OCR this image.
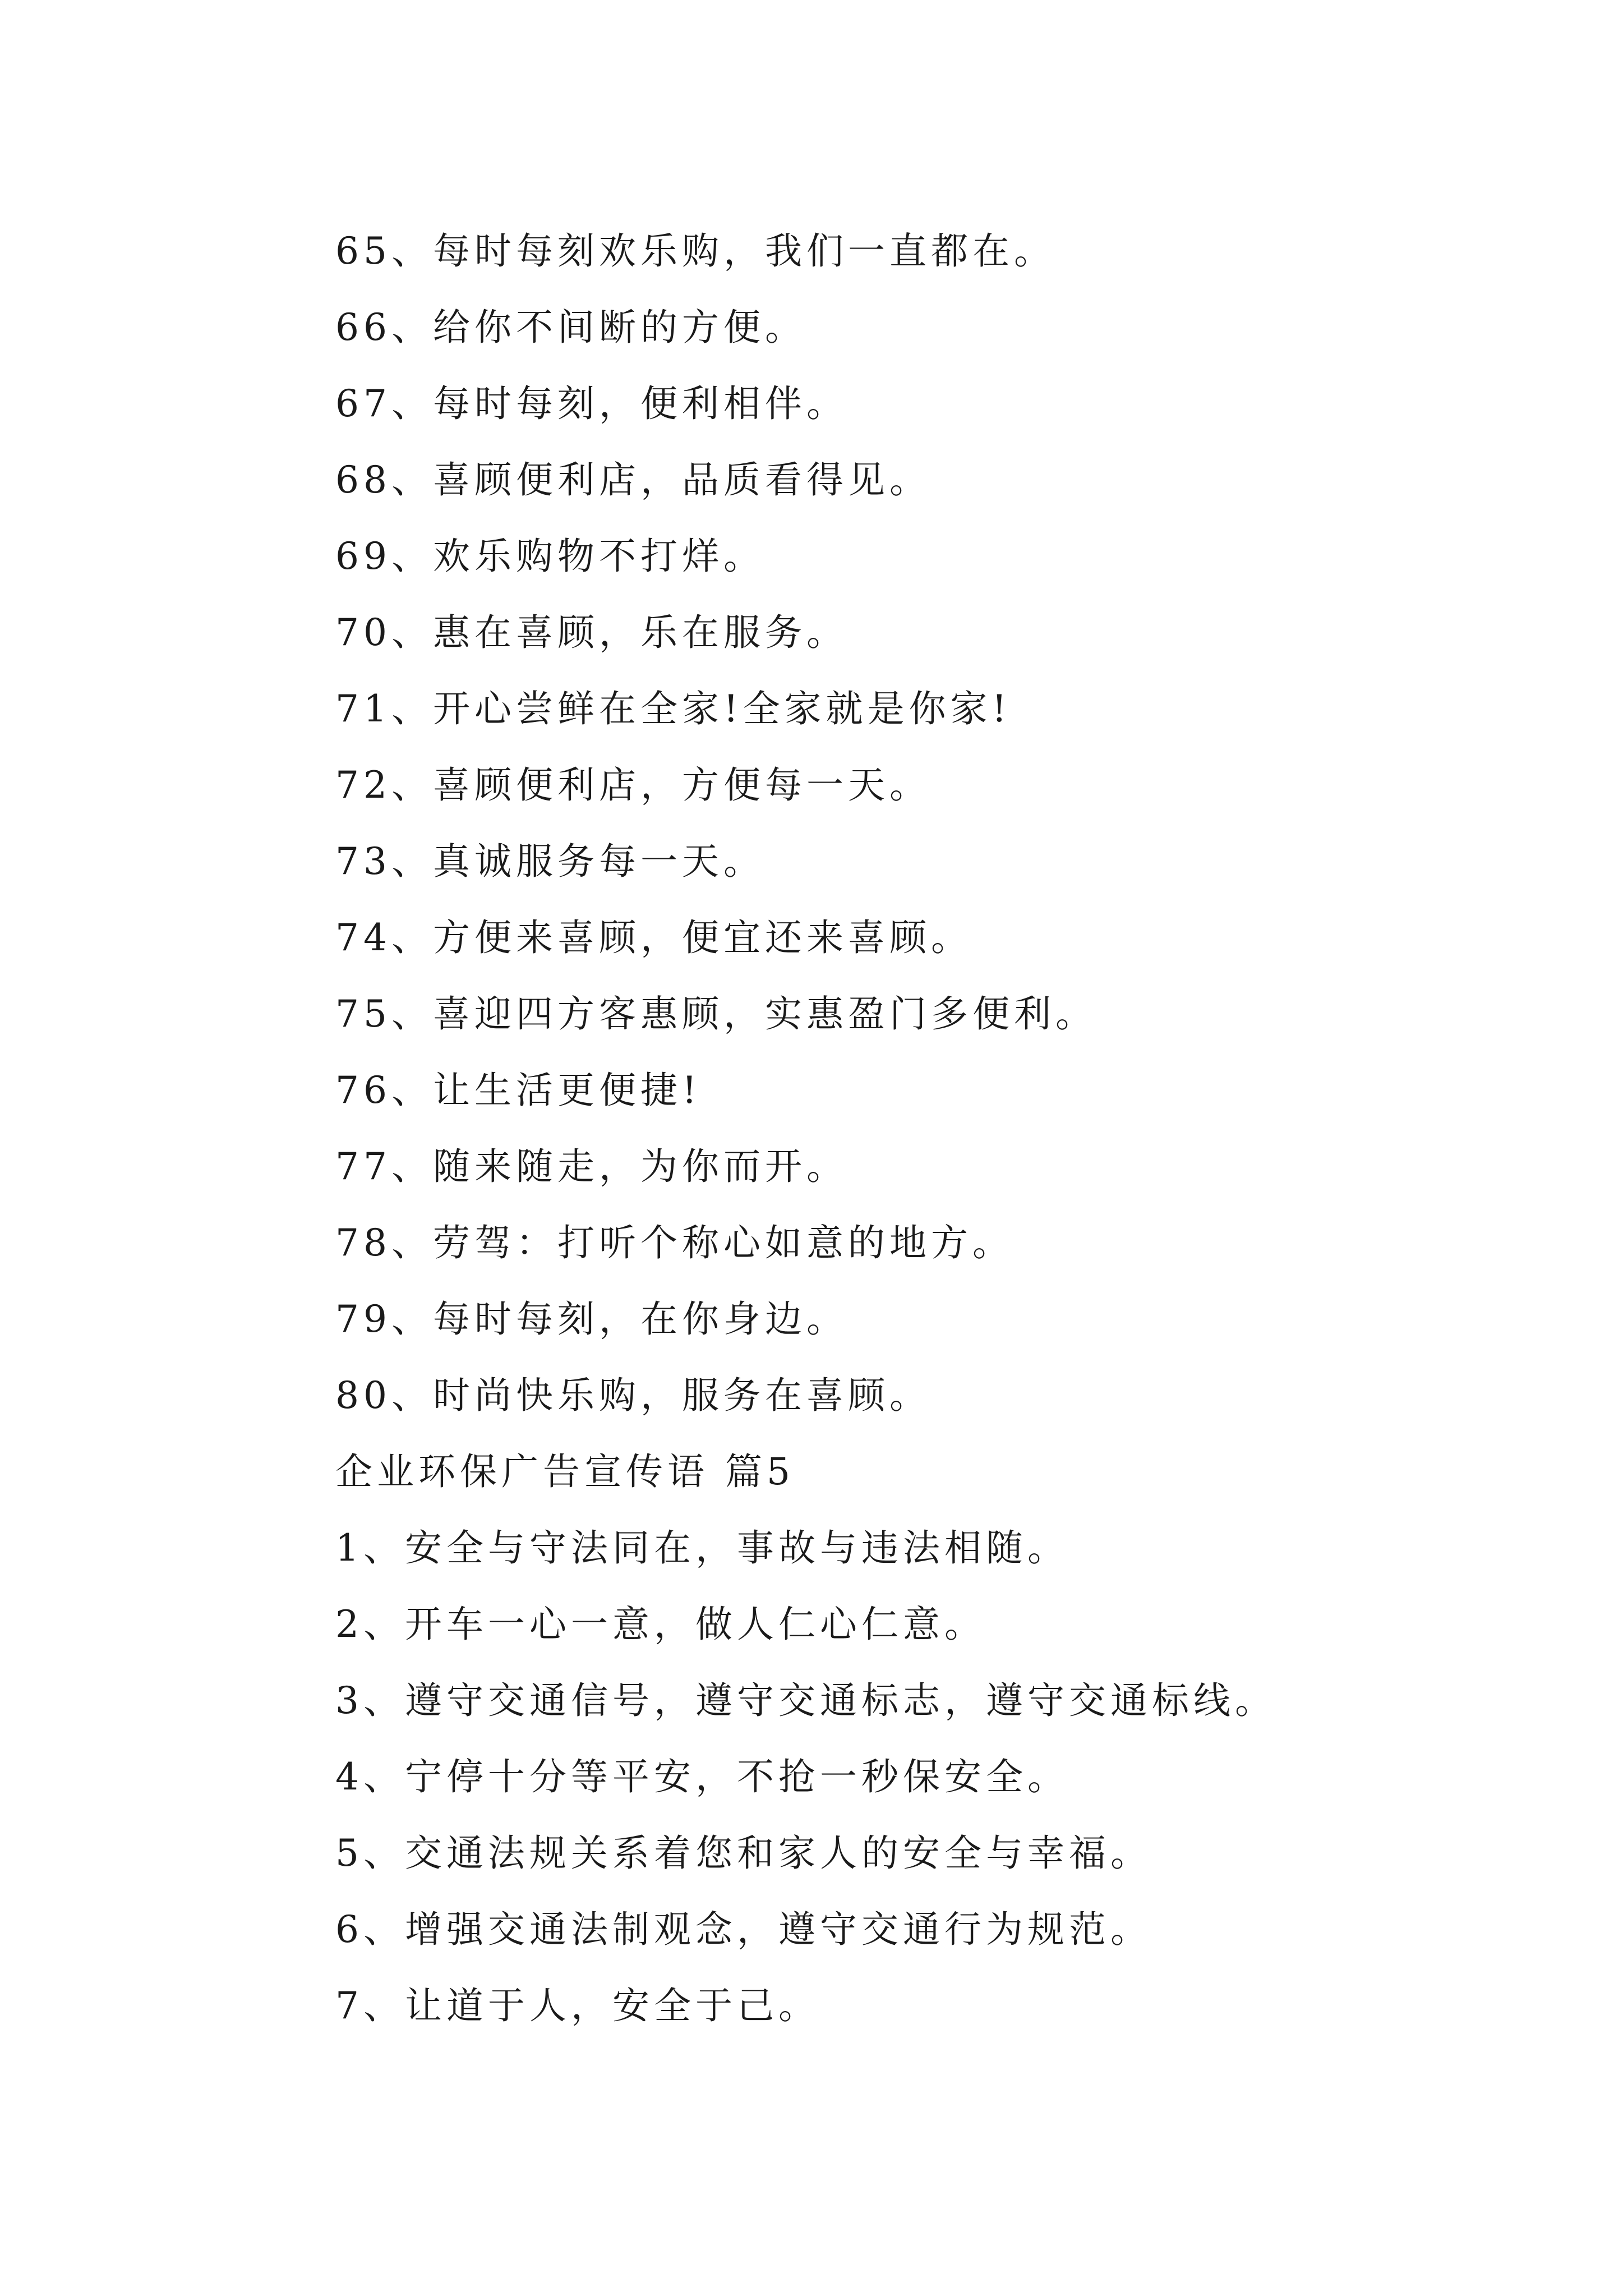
65、每时每刻欢乐购，我们一直都在。
66、给你不间断的方便。
67、每时每刻，便利相伴。
68、喜顾便利店，品质看得见。
69、欢乐购物不打烊。
70、惠在喜顾，乐在服务。
71、开心尝鲜在全家!全家就是你家!
72、喜顾便利店，方便每一天。
73、真诚服务每一天。
74、方便来喜顾，便宜还来喜顾。
75、喜迎四方客惠顾，实惠盈门多便利。
76、让生活更便捷!
77、随来随走，为你而开。
78、劳驾：打听个称心如意的地方。
79、每时每刻，在你身边。
80、时尚快乐购，服务在喜顾。
企业环保广告宣传语 篇5
1、安全与守法同在，事故与违法相随。
2、开车一心一意，做人仁心仁意。
3、遵守交通信号，遵守交通标志，遵守交通标线。
4、宁停十分等平安，不抢一秒保安全。
5、交通法规关系着您和家人的安全与幸福。
6、增强交通法制观念，遵守交通行为规范。
7、让道于人，安全于己。
